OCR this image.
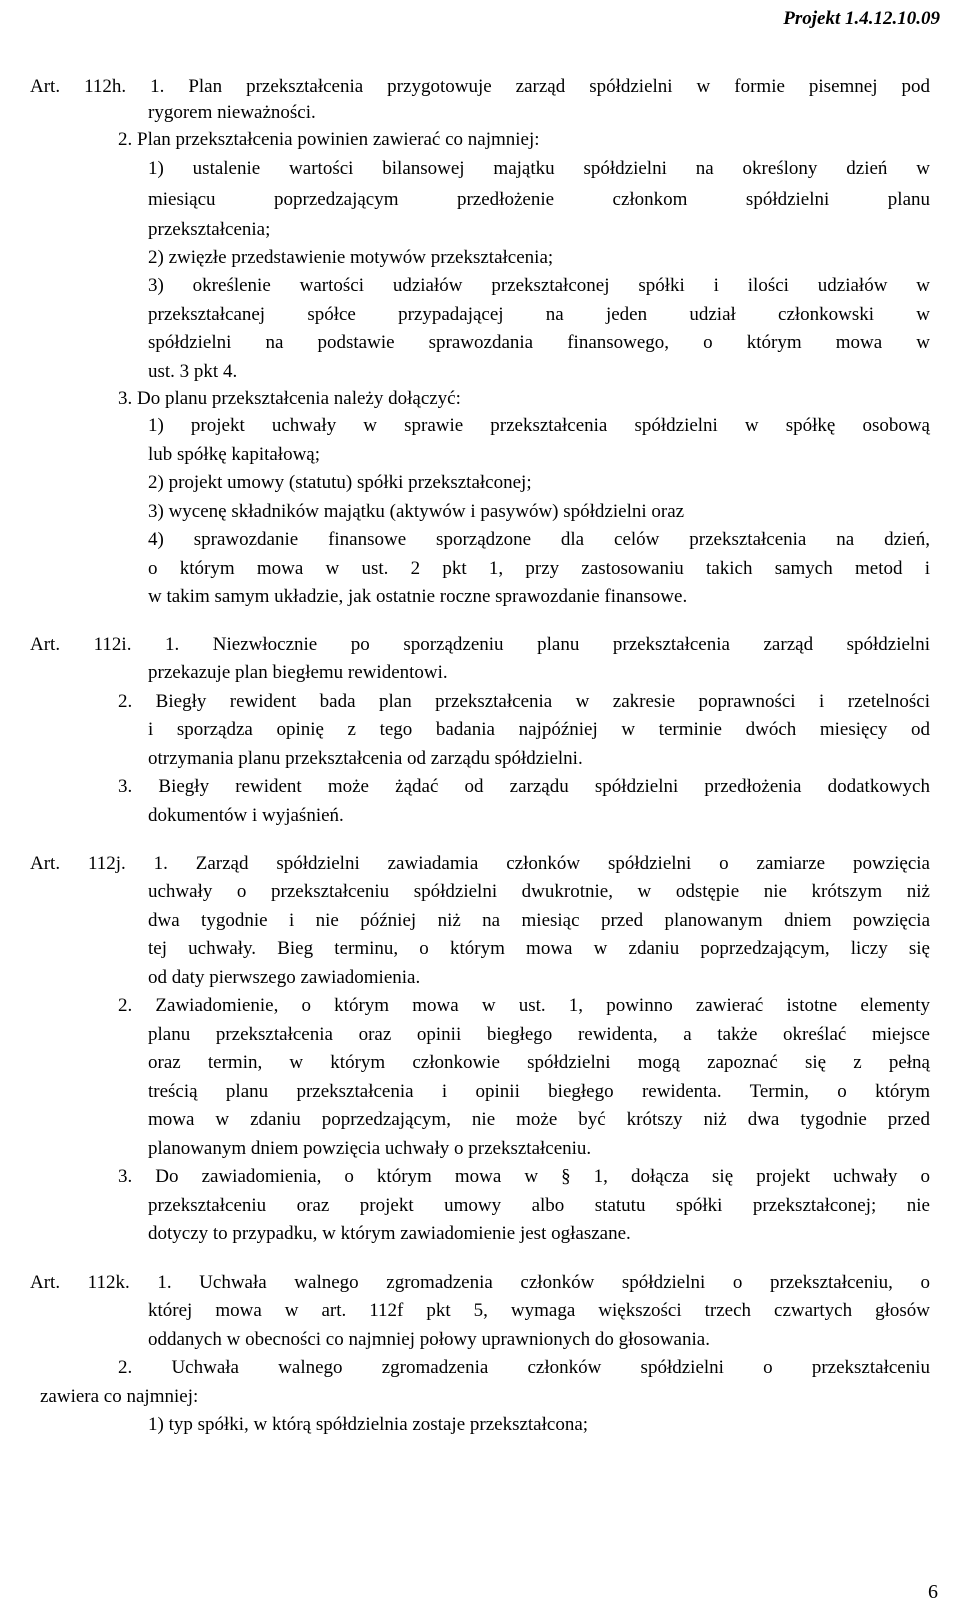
Projekt 1.4.12.10.09
Art. 112h. 1. Plan przekształcenia przygotowuje zarząd spółdzielni w formie pisemnej pod
rygorem nieważności.
2. Plan przekształcenia powinien zawierać co najmniej:
1) ustalenie wartości bilansowej majątku spółdzielni na określony dzień w
miesiącu poprzedzającym przedłożenie członkom spółdzielni planu
przekształcenia;
2) zwięzłe przedstawienie motywów przekształcenia;
3) określenie wartości udziałów przekształconej spółki i ilości udziałów w
przekształcanej spółce przypadającej na jeden udział członkowski w
spółdzielni na podstawie sprawozdania finansowego, o którym mowa w
ust. 3 pkt 4.
3. Do planu przekształcenia należy dołączyć:
1) projekt uchwały w sprawie przekształcenia spółdzielni w spółkę osobową
lub spółkę kapitałową;
2) projekt umowy (statutu) spółki przekształconej;
3) wycenę składników majątku (aktywów i pasywów) spółdzielni oraz
4) sprawozdanie finansowe sporządzone dla celów przekształcenia na dzień,
o którym mowa w ust. 2 pkt 1, przy zastosowaniu takich samych metod i
w takim samym układzie, jak ostatnie roczne sprawozdanie finansowe.
Art. 112i. 1. Niezwłocznie po sporządzeniu planu przekształcenia zarząd spółdzielni
przekazuje plan biegłemu rewidentowi.
2. Biegły rewident bada plan przekształcenia w zakresie poprawności i rzetelności
i sporządza opinię z tego badania najpóźniej w terminie dwóch miesięcy od
otrzymania planu przekształcenia od zarządu spółdzielni.
3. Biegły rewident może żądać od zarządu spółdzielni przedłożenia dodatkowych
dokumentów i wyjaśnień.
Art. 112j. 1. Zarząd spółdzielni zawiadamia członków spółdzielni o zamiarze powzięcia
uchwały o przekształceniu spółdzielni dwukrotnie, w odstępie nie krótszym niż
dwa tygodnie i nie później niż na miesiąc przed planowanym dniem powzięcia
tej uchwały. Bieg terminu, o którym mowa w zdaniu poprzedzającym, liczy się
od daty pierwszego zawiadomienia.
2. Zawiadomienie, o którym mowa w ust. 1, powinno zawierać istotne elementy
planu przekształcenia oraz opinii biegłego rewidenta, a także określać miejsce
oraz termin, w którym członkowie spółdzielni mogą zapoznać się z pełną
treścią planu przekształcenia i opinii biegłego rewidenta. Termin, o którym
mowa w zdaniu poprzedzającym, nie może być krótszy niż dwa tygodnie przed
planowanym dniem powzięcia uchwały o przekształceniu.
3. Do zawiadomienia, o którym mowa w § 1, dołącza się projekt uchwały o
przekształceniu oraz projekt umowy albo statutu spółki przekształconej; nie
dotyczy to przypadku, w którym zawiadomienie jest ogłaszane.
Art. 112k. 1. Uchwała walnego zgromadzenia członków spółdzielni o przekształceniu, o
której mowa w art. 112f pkt 5, wymaga większości trzech czwartych głosów
oddanych w obecności co najmniej połowy uprawnionych do głosowania.
2. Uchwała walnego zgromadzenia członków spółdzielni o przekształceniu
zawiera co najmniej:
1) typ spółki, w którą spółdzielnia zostaje przekształcona;
6
